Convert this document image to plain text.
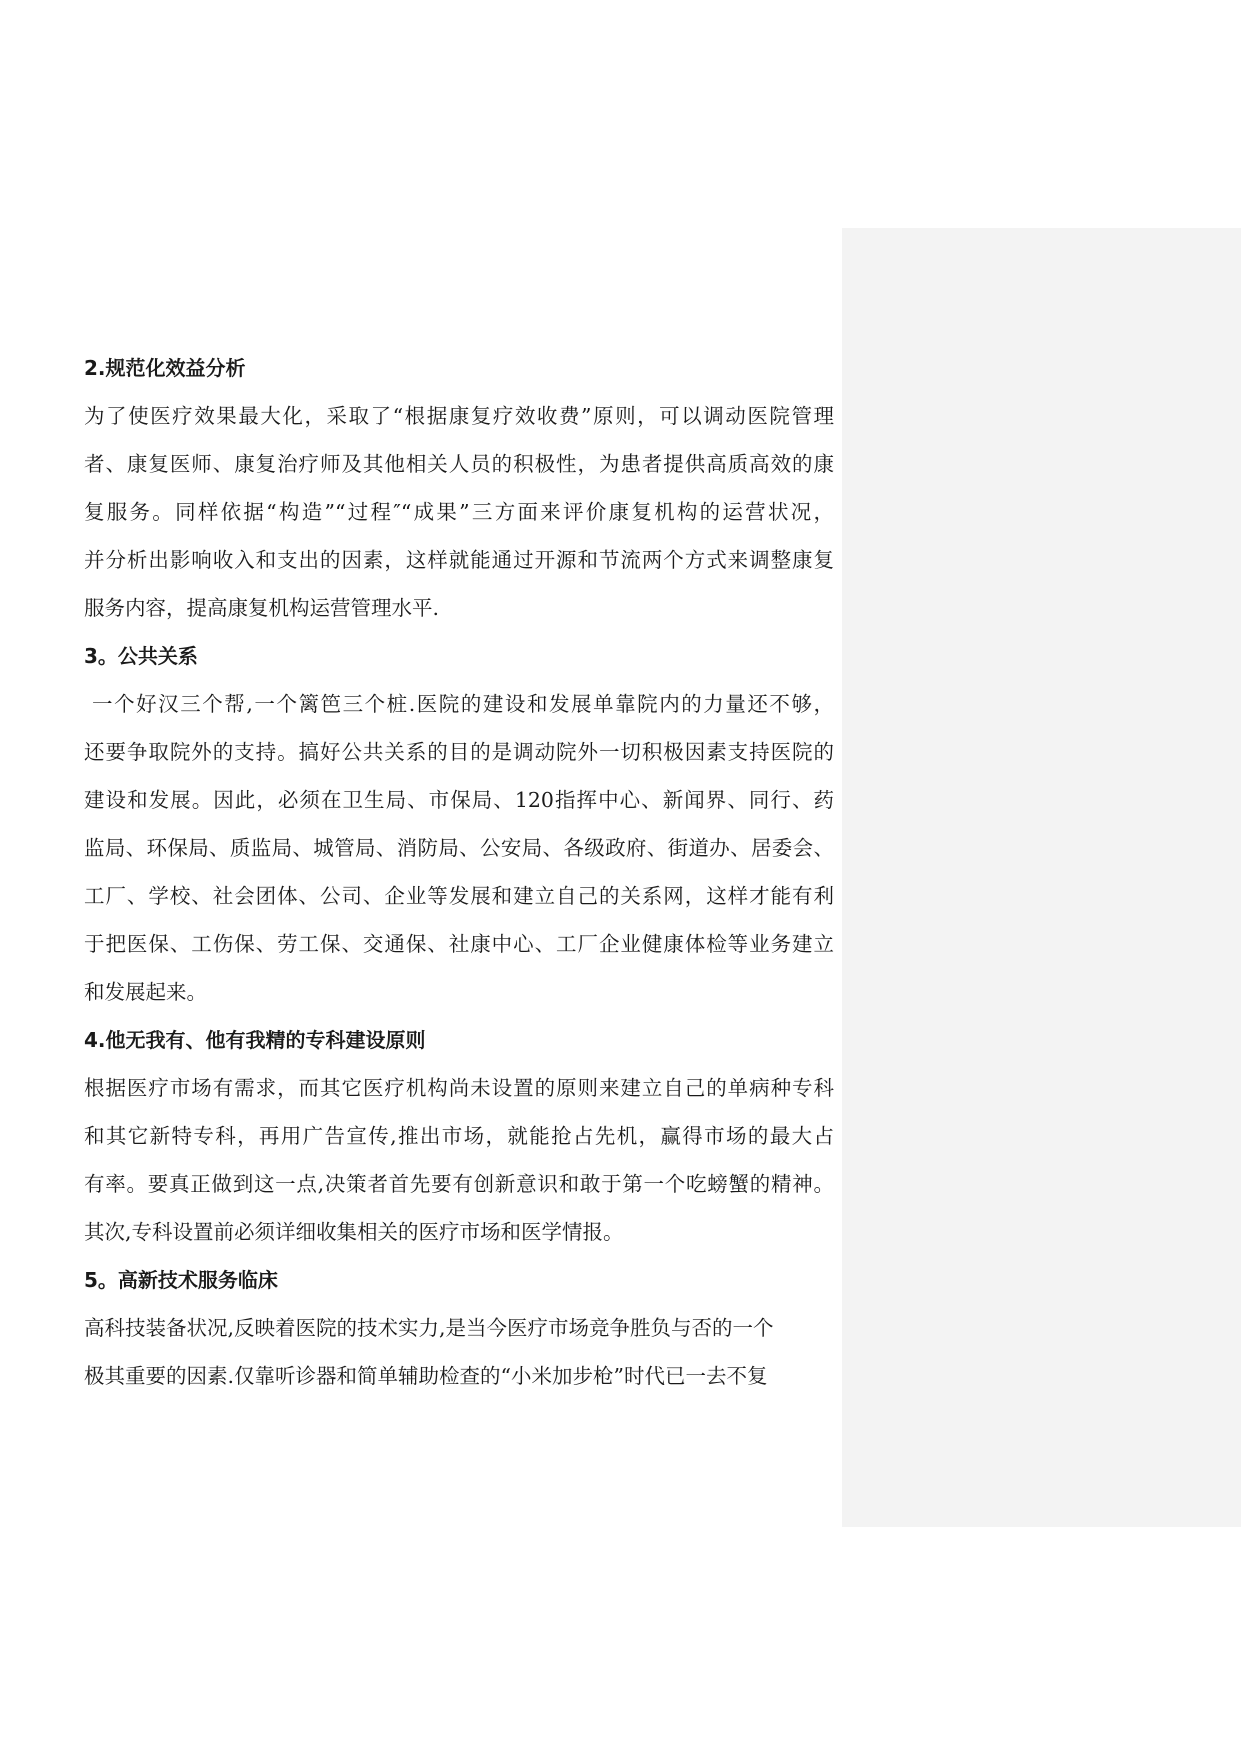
2.规范化效益分析

为了使医疗效果最大化，采取了“根据康复疗效收费”原则，可以调动医院管理
者、康复医师、康复治疗师及其他相关人员的积极性，为患者提供高质高效的康
复服务。同样依据“构造”“过程″“成果”三方面来评价康复机构的运营状况，
并分析出影响收入和支出的因素，这样就能通过开源和节流两个方式来调整康复
服务内容，提高康复机构运营管理水平.

3。公共关系

一个好汉三个帮,一个篱笆三个桩.医院的建设和发展单靠院内的力量还不够，
还要争取院外的支持。搞好公共关系的目的是调动院外一切积极因素支持医院的
建设和发展。因此，必须在卫生局、市保局、120指挥中心、新闻界、同行、药
监局、环保局、质监局、城管局、消防局、公安局、各级政府、街道办、居委会、
工厂、学校、社会团体、公司、企业等发展和建立自己的关系网，这样才能有利
于把医保、工伤保、劳工保、交通保、社康中心、工厂企业健康体检等业务建立
和发展起来。

4.他无我有、他有我精的专科建设原则

根据医疗市场有需求，而其它医疗机构尚未设置的原则来建立自己的单病种专科
和其它新特专科，再用广告宣传,推出市场，就能抢占先机，赢得市场的最大占
有率。要真正做到这一点,决策者首先要有创新意识和敢于第一个吃螃蟹的精神。
其次,专科设置前必须详细收集相关的医疗市场和医学情报。

5。高新技术服务临床

高科技装备状况,反映着医院的技术实力,是当今医疗市场竞争胜负与否的一个
极其重要的因素.仅靠听诊器和简单辅助检查的“小米加步枪”时代已一去不复
